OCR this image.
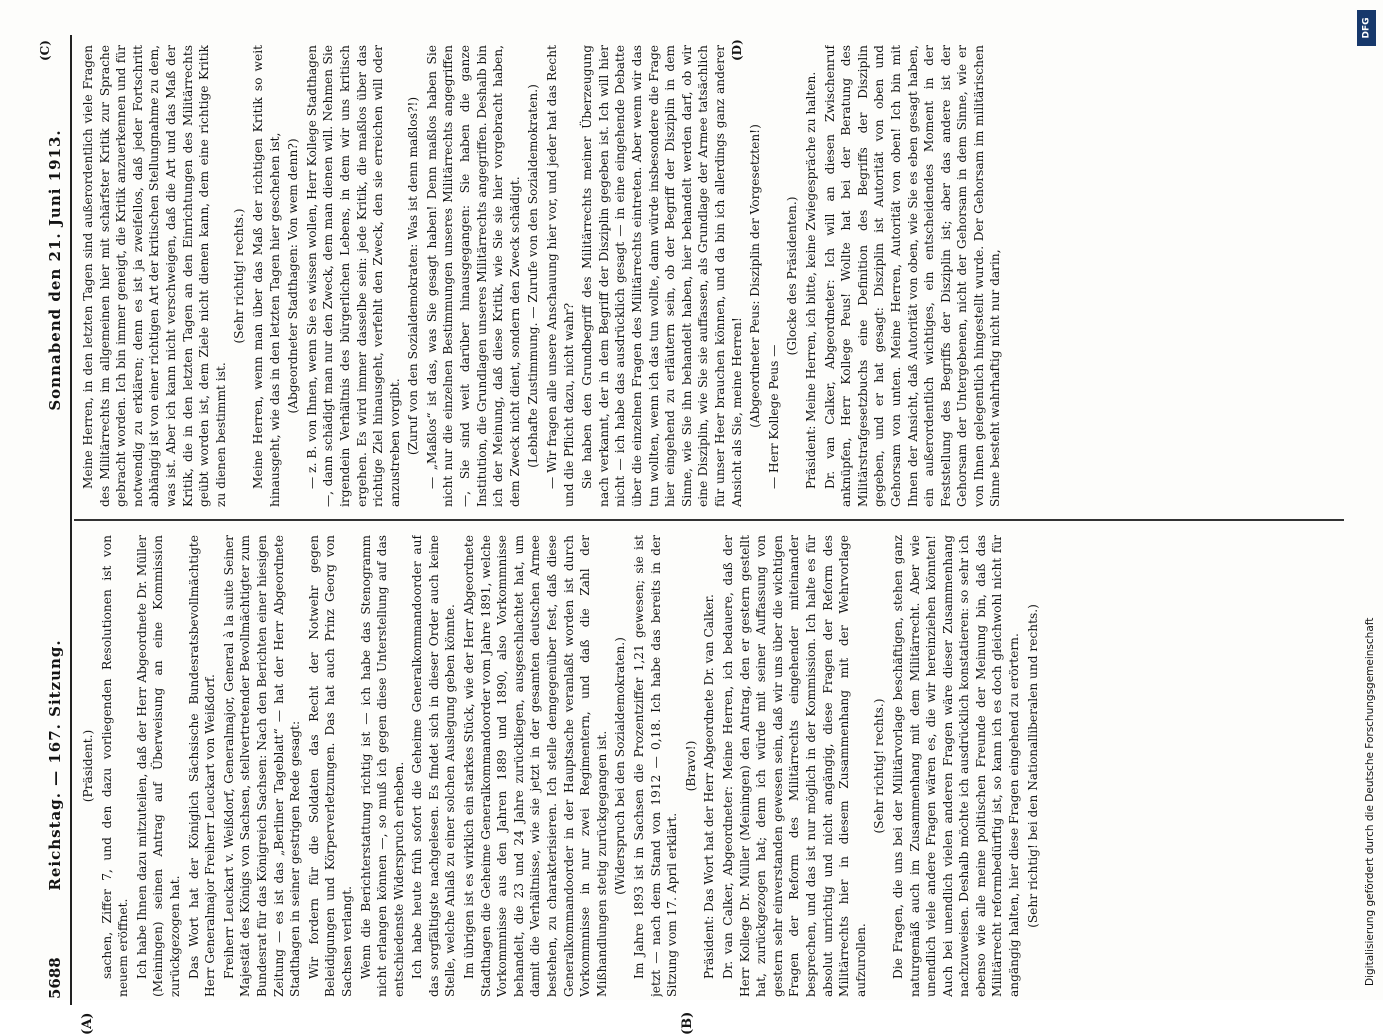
5688
Reichstag. — 167. Sitzung.
Sonnabend den 21. Juni 1913.

(Präsident.) sachen, Ziffer 7, und den dazu vorliegenden Resolutionen ist von neuem eröffnet. Ich habe Ihnen dazu mitzuteilen, daß der Herr Abgeordnete Dr. Müller (Meiningen) seinen Antrag auf Überweisung an eine Kommission zurückgezogen hat. Das Wort hat der Königlich Sächsische Bundesratsbevollmächtigte Herr Generalmajor Freiherr Leuckart von Weißdorf. Freiherr Leuckart v. Weißdorf, Generalmajor, General à la suite Seiner Majestät des Königs von Sachsen, stellvertretender Bevollmächtigter zum Bundesrat für das Königreich Sachsen: Nach den Berichten einer hiesigen Zeitung — es ist das „Berliner Tageblatt“ — hat der Herr Abgeordnete Stadthagen in seiner gestrigen Rede gesagt: Wir fordern für die Soldaten das Recht der Notwehr gegen Beleidigungen und Körperverletzungen. Das hat auch Prinz Georg von Sachsen verlangt. Wenn die Berichterstattung richtig ist — ich habe das Stenogramm nicht erlangen können —, so muß ich gegen diese Unterstellung auf das entschiedenste Widerspruch erheben. Ich habe heute früh sofort die Geheime Generalkommandoorder auf das sorgfältigste nachgelesen. Es findet sich in dieser Order auch keine Stelle, welche Anlaß zu einer solchen Auslegung geben könnte. Im übrigen ist es wirklich ein starkes Stück, wie der Herr Abgeordnete Stadthagen die Geheime Generalkommandoorder vom Jahre 1891, welche Vorkommnisse aus den Jahren 1889 und 1890, also Vorkommnisse behandelt, die 23 und 24 Jahre zurückliegen, ausgeschlachtet hat, um damit die Verhältnisse, wie sie jetzt in der gesamten deutschen Armee bestehen, zu charakterisieren. Ich stelle demgegenüber fest, daß diese Generalkommandoorder in der Hauptsache veranlaßt worden ist durch Vorkommnisse in nur zwei Regimentern, und daß die Zahl der Mißhandlungen stetig zurückgegangen ist. (Widerspruch bei den Sozialdemokraten.) Im Jahre 1893 ist in Sachsen die Prozentziffer 1,21 gewesen; sie ist jetzt — nach dem Stand von 1912 — 0,18. Ich habe das bereits in der Sitzung vom 17. April erklärt.

(Bravo!) Präsident: Das Wort hat der Herr Abgeordnete Dr. van Calker. Dr. van Calker, Abgeordneter: Meine Herren, ich bedauere, daß der Herr Kollege Dr. Müller (Meiningen) den Antrag, den er gestern gestellt hat, zurückgezogen hat; denn ich würde mit seiner Auffassung von gestern sehr einverstanden gewesen sein, daß wir uns über die wichtigen Fragen der Reform des Militärrechts eingehender miteinander besprechen, und das ist nur möglich in der Kommission. Ich halte es für absolut unrichtig und nicht angängig, diese Fragen der Reform des Militärrechts hier in diesem Zusammenhang mit der Wehrvorlage aufzurollen.

(Sehr richtig! rechts.) Die Fragen, die uns bei der Militärvorlage beschäftigen, stehen ganz naturgemäß auch im Zusammenhang mit dem Militärrecht. Aber wie unendlich viele andere Fragen wären es, die wir hereinziehen könnten! Auch bei unendlich vielen anderen Fragen wäre dieser Zusammenhang nachzuweisen. Deshalb möchte ich ausdrücklich konstatieren: so sehr ich ebenso wie alle meine politischen Freunde der Meinung bin, daß das Militärrecht reformbedürftig ist, so kann ich es doch gleichwohl nicht für angängig halten, hier diese Fragen eingehend zu erörtern. (Sehr richtig! bei den Nationalliberalen und rechts.)

Meine Herren, in den letzten Tagen sind außerordentlich viele Fragen des Militärrechts im allgemeinen hier mit schärfster Kritik zur Sprache gebracht worden. Ich bin immer geneigt, die Kritik anzuerkennen und für notwendig zu erklären; denn es ist ja zweifellos, daß jeder Fortschritt abhängig ist von einer richtigen Art der kritischen Stellungnahme zu dem, was ist. Aber ich kann nicht verschweigen, daß die Art und das Maß der Kritik, die in den letzten Tagen an den Einrichtungen des Militärrechts geübt worden ist, dem Ziele nicht dienen kann, dem eine richtige Kritik zu dienen bestimmt ist.

(Sehr richtig! rechts.) Meine Herren, wenn man über das Maß der richtigen Kritik so weit hinausgeht, wie das in den letzten Tagen hier geschehen ist, (Abgeordneter Stadthagen: Von wem denn?) — z. B. von Ihnen, wenn Sie es wissen wollen, Herr Kollege Stadthagen —, dann schädigt man nur den Zweck, dem man dienen will. Nehmen Sie irgendein Verhältnis des bürgerlichen Lebens, in dem wir uns kritisch ergehen. Es wird immer dasselbe sein: jede Kritik, die maßlos über das richtige Ziel hinausgeht, verfehlt den Zweck, den sie erreichen will oder anzustreben vorgibt. (Zuruf von den Sozialdemokraten: Was ist denn maßlos?!) — „Maßlos“ ist das, was Sie gesagt haben! Denn maßlos haben Sie nicht nur die einzelnen Bestimmungen unseres Militärrechts angegriffen —, Sie sind weit darüber hinausgegangen: Sie haben die ganze Institution, die Grundlagen unseres Militärrechts angegriffen. Deshalb bin ich der Meinung, daß diese Kritik, wie Sie sie hier vorgebracht haben, dem Zweck nicht dient, sondern den Zweck schädigt. (Lebhafte Zustimmung. — Zurufe von den Sozialdemokraten.) — Wir fragen alle unsere Anschauung hier vor, und jeder hat das Recht und die Pflicht dazu, nicht wahr? Sie haben den Grundbegriff des Militärrechts meiner Überzeugung nach verkannt, der in dem Begriff der Disziplin gegeben ist. Ich will hier nicht — ich habe das ausdrücklich gesagt — in eine eingehende Debatte über die einzelnen Fragen des Militärrechts eintreten. Aber wenn wir das tun wollten, wenn ich das tun wollte, dann würde insbesondere die Frage hier eingehend zu erläutern sein, ob der Begriff der Disziplin in dem Sinne, wie Sie ihn behandelt haben, hier behandelt werden darf, ob wir eine Disziplin, wie Sie sie auffassen, als Grundlage der Armee tatsächlich für unser Heer brauchen können, und da bin ich allerdings ganz anderer Ansicht als Sie, meine Herren! (Abgeordneter Peus: Disziplin der Vorgesetzten!) — Herr Kollege Peus —

(Glocke des Präsidenten.) Präsident: Meine Herren, ich bitte, keine Zwiegespräche zu halten. Dr. van Calker, Abgeordneter: Ich will an diesen Zwischenruf anknüpfen, Herr Kollege Peus! Wollte hat bei der Beratung des Militärstrafgesetzbuchs eine Definition des Begriffs der Disziplin gegeben, und er hat gesagt: Disziplin ist Autorität von oben und Gehorsam von unten. Meine Herren, Autorität von oben! Ich bin mit Ihnen der Ansicht, daß Autorität von oben, wie Sie es eben gesagt haben, ein außerordentlich wichtiges, ein entscheidendes Moment in der Feststellung des Begriffs der Disziplin ist; aber das andere ist der Gehorsam der Untergebenen, nicht der Gehorsam in dem Sinne, wie er von Ihnen gelegentlich hingestellt wurde. Der Gehorsam im militärischen Sinne besteht wahrhaftig nicht nur darin,

(A)	(B)
(C)	(D)
DFG
Digitalisierung gefördert durch die Deutsche Forschungsgemeinschaft
